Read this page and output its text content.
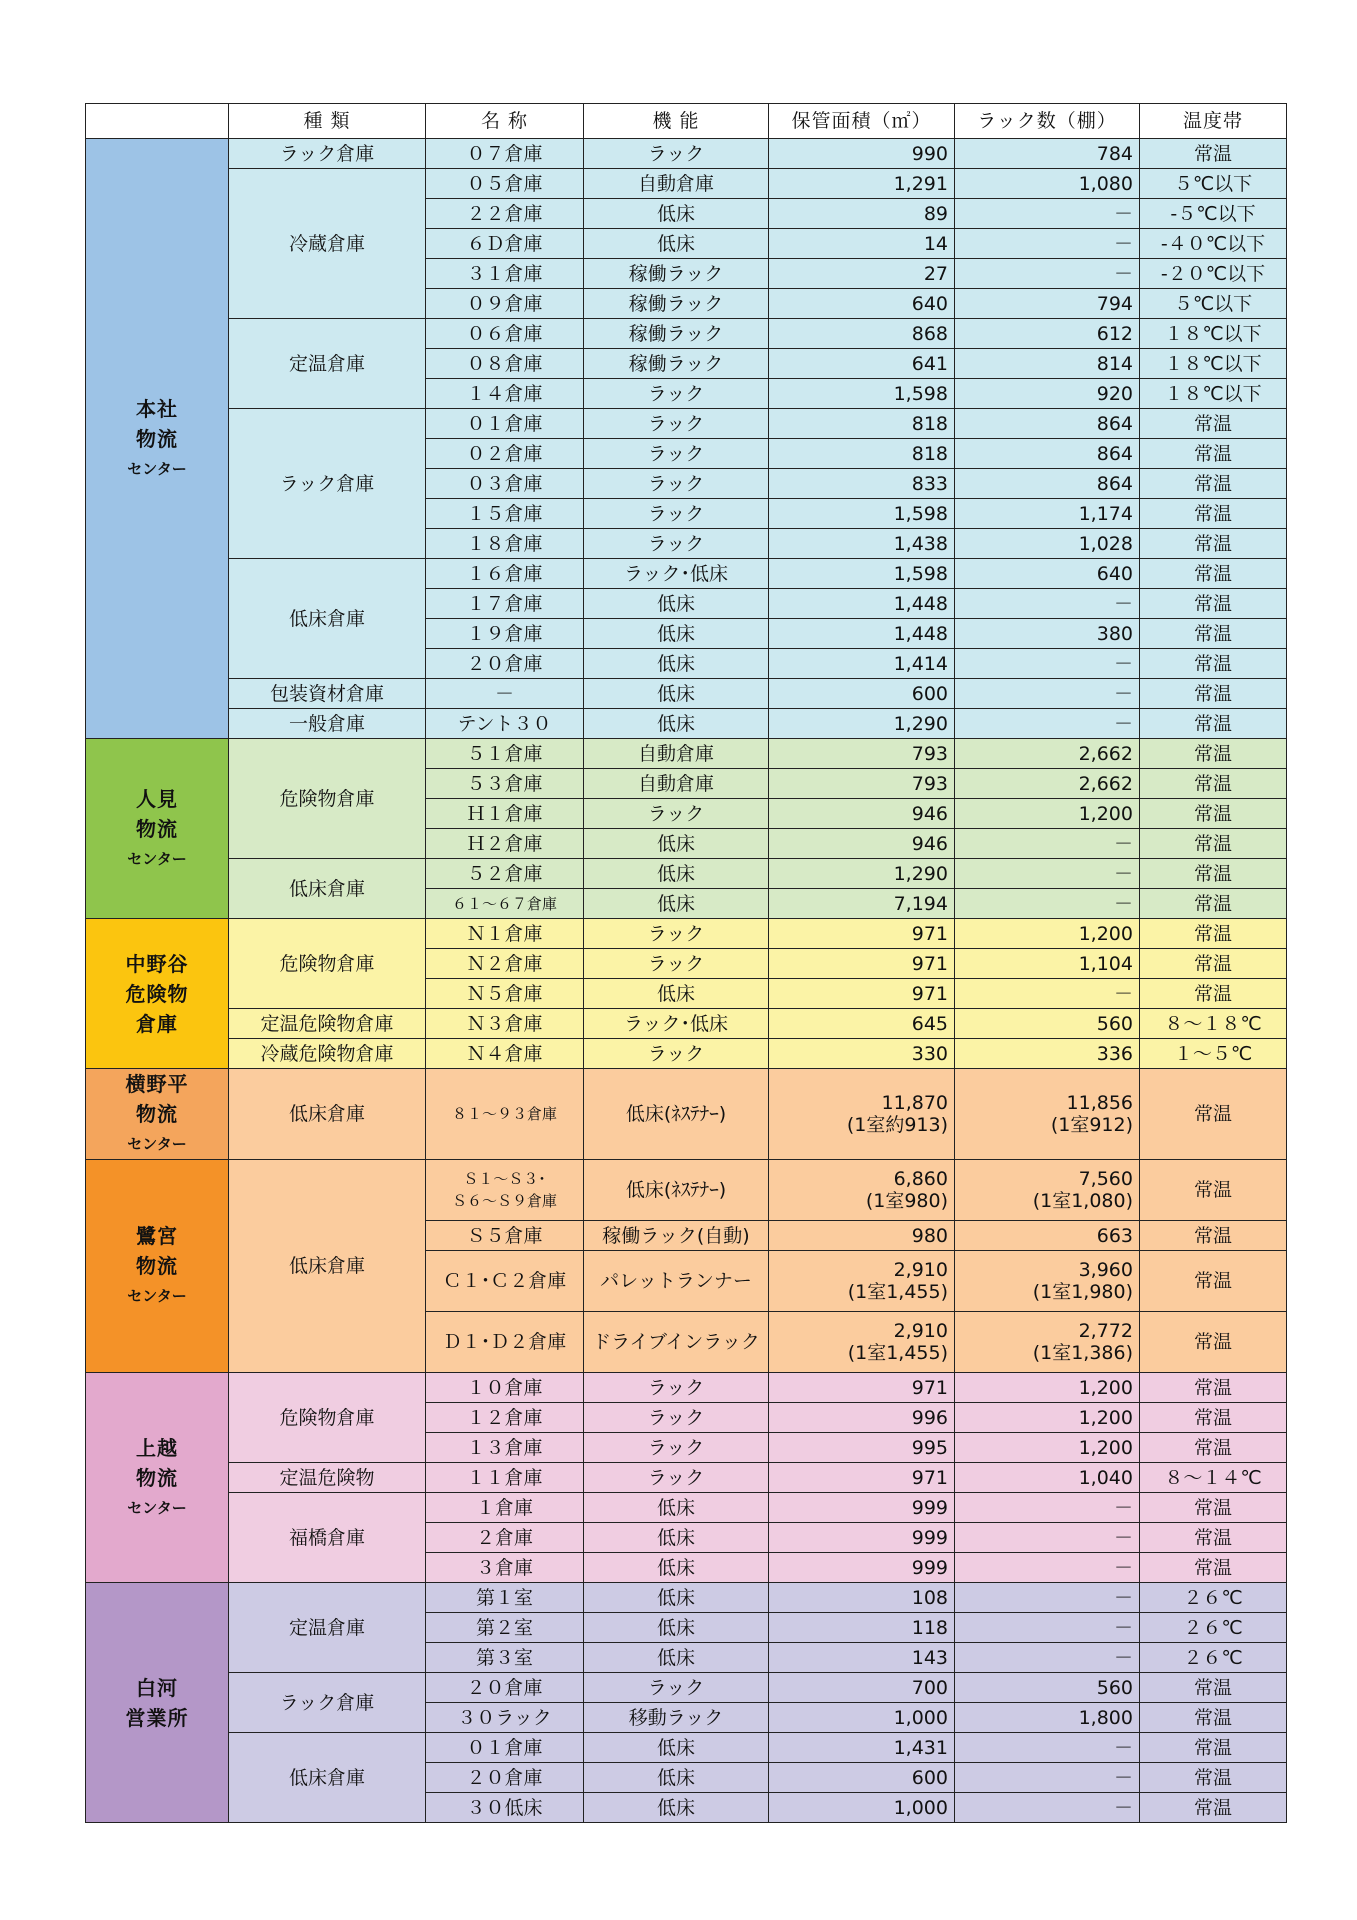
	種 類	名 称	機 能	保管面積（㎡）	ラック数（棚）	温度帯

本社
物流
センター	ラック倉庫	０７倉庫	ラック	990	784	常温
	冷蔵倉庫	０５倉庫	自動倉庫	1,291	1,080	５℃以下
		２２倉庫	低床	89	－	-５℃以下
		６Ｄ倉庫	低床	14	－	-４０℃以下
		３１倉庫	稼働ラック	27	－	-２０℃以下
		０９倉庫	稼働ラック	640	794	５℃以下
	定温倉庫	０６倉庫	稼働ラック	868	612	１８℃以下
		０８倉庫	稼働ラック	641	814	１８℃以下
		１４倉庫	ラック	1,598	920	１８℃以下
	ラック倉庫	０１倉庫	ラック	818	864	常温
		０２倉庫	ラック	818	864	常温
		０３倉庫	ラック	833	864	常温
		１５倉庫	ラック	1,598	1,174	常温
		１８倉庫	ラック	1,438	1,028	常温
	低床倉庫	１６倉庫	ラック･低床	1,598	640	常温
		１７倉庫	低床	1,448	－	常温
		１９倉庫	低床	1,448	380	常温
		２０倉庫	低床	1,414	－	常温
	包装資材倉庫	－	低床	600	－	常温
	一般倉庫	テント３０	低床	1,290	－	常温

人見
物流
センター	危険物倉庫	５１倉庫	自動倉庫	793	2,662	常温
		５３倉庫	自動倉庫	793	2,662	常温
		Ｈ１倉庫	ラック	946	1,200	常温
		Ｈ２倉庫	低床	946	－	常温
	低床倉庫	５２倉庫	低床	1,290	－	常温
		６１～６７倉庫	低床	7,194	－	常温

中野谷
危険物
倉庫	危険物倉庫	Ｎ１倉庫	ラック	971	1,200	常温
		Ｎ２倉庫	ラック	971	1,104	常温
		Ｎ５倉庫	低床	971	－	常温
	定温危険物倉庫	Ｎ３倉庫	ラック･低床	645	560	８～１８℃
	冷蔵危険物倉庫	Ｎ４倉庫	ラック	330	336	１～５℃

横野平
物流
センター	低床倉庫	８１～９３倉庫	低床(ﾈｽﾃﾅｰ)	11,870
(1室約913)	11,856
(1室912)	常温

鷺宮
物流
センター	低床倉庫	Ｓ１～Ｓ３･
Ｓ６～Ｓ９倉庫	低床(ﾈｽﾃﾅｰ)	6,860
(1室980)	7,560
(1室1,080)	常温
		Ｓ５倉庫	稼働ラック(自動)	980	663	常温
		Ｃ１･Ｃ２倉庫	パレットランナー	2,910
(1室1,455)	3,960
(1室1,980)	常温
		Ｄ１･Ｄ２倉庫	ドライブインラック	2,910
(1室1,455)	2,772
(1室1,386)	常温

上越
物流
センター	危険物倉庫	１０倉庫	ラック	971	1,200	常温
		１２倉庫	ラック	996	1,200	常温
		１３倉庫	ラック	995	1,200	常温
	定温危険物	１１倉庫	ラック	971	1,040	８～１４℃
	福橋倉庫	１倉庫	低床	999	－	常温
		２倉庫	低床	999	－	常温
		３倉庫	低床	999	－	常温

白河
営業所	定温倉庫	第１室	低床	108	－	２６℃
		第２室	低床	118	－	２６℃
		第３室	低床	143	－	２６℃
	ラック倉庫	２０倉庫	ラック	700	560	常温
		３０ラック	移動ラック	1,000	1,800	常温
	低床倉庫	０１倉庫	低床	1,431	－	常温
		２０倉庫	低床	600	－	常温
		３０低床	低床	1,000	－	常温
